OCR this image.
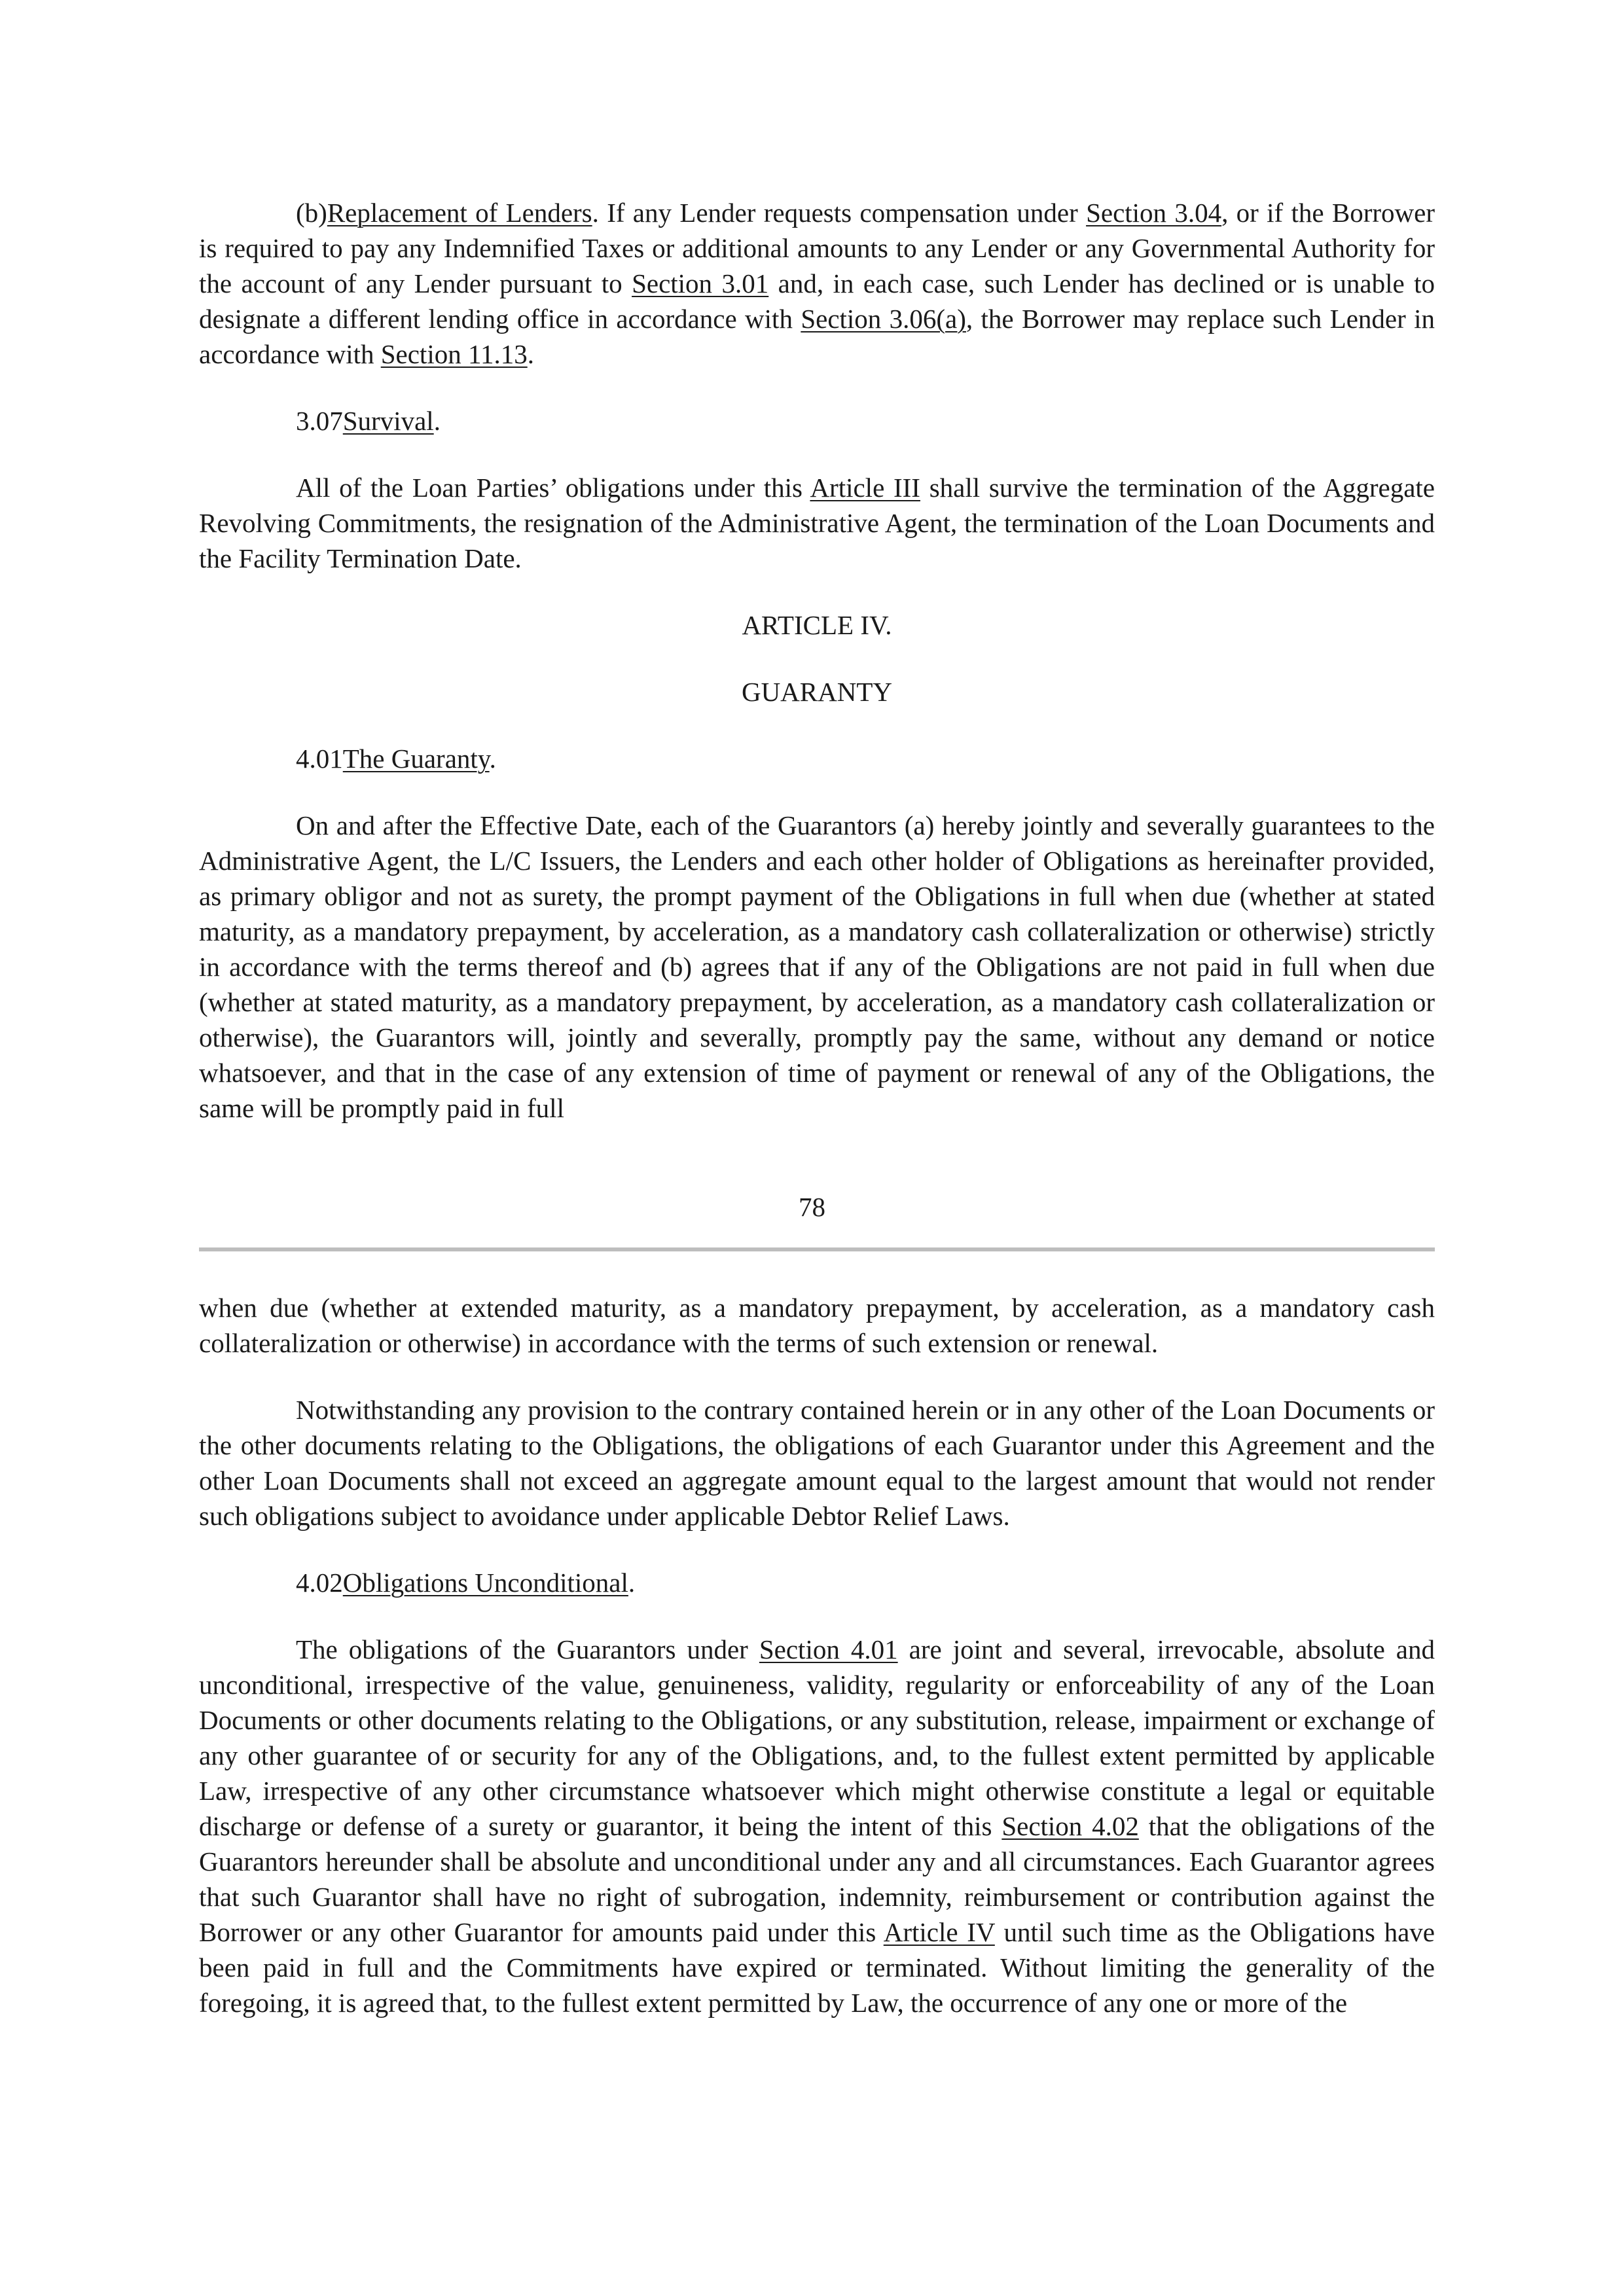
(b)Replacement of Lenders. If any Lender requests compensation under Section 3.04, or if the Borrower is required to pay any Indemnified Taxes or additional amounts to any Lender or any Governmental Authority for the account of any Lender pursuant to Section 3.01 and, in each case, such Lender has declined or is unable to designate a different lending office in accordance with Section 3.06(a), the Borrower may replace such Lender in accordance with Section 11.13.

3.07Survival.

All of the Loan Parties’ obligations under this Article III shall survive the termination of the Aggregate Revolving Commitments, the resignation of the Administrative Agent, the termination of the Loan Documents and the Facility Termination Date.

ARTICLE IV.

GUARANTY

4.01The Guaranty.

On and after the Effective Date, each of the Guarantors (a) hereby jointly and severally guarantees to the Administrative Agent, the L/C Issuers, the Lenders and each other holder of Obligations as hereinafter provided, as primary obligor and not as surety, the prompt payment of the Obligations in full when due (whether at stated maturity, as a mandatory prepayment, by acceleration, as a mandatory cash collateralization or otherwise) strictly in accordance with the terms thereof and (b) agrees that if any of the Obligations are not paid in full when due (whether at stated maturity, as a mandatory prepayment, by acceleration, as a mandatory cash collateralization or otherwise), the Guarantors will, jointly and severally, promptly pay the same, without any demand or notice whatsoever, and that in the case of any extension of time of payment or renewal of any of the Obligations, the same will be promptly paid in full

78

when due (whether at extended maturity, as a mandatory prepayment, by acceleration, as a mandatory cash collateralization or otherwise) in accordance with the terms of such extension or renewal.

Notwithstanding any provision to the contrary contained herein or in any other of the Loan Documents or the other documents relating to the Obligations, the obligations of each Guarantor under this Agreement and the other Loan Documents shall not exceed an aggregate amount equal to the largest amount that would not render such obligations subject to avoidance under applicable Debtor Relief Laws.

4.02Obligations Unconditional.

The obligations of the Guarantors under Section 4.01 are joint and several, irrevocable, absolute and unconditional, irrespective of the value, genuineness, validity, regularity or enforceability of any of the Loan Documents or other documents relating to the Obligations, or any substitution, release, impairment or exchange of any other guarantee of or security for any of the Obligations, and, to the fullest extent permitted by applicable Law, irrespective of any other circumstance whatsoever which might otherwise constitute a legal or equitable discharge or defense of a surety or guarantor, it being the intent of this Section 4.02 that the obligations of the Guarantors hereunder shall be absolute and unconditional under any and all circumstances. Each Guarantor agrees that such Guarantor shall have no right of subrogation, indemnity, reimbursement or contribution against the Borrower or any other Guarantor for amounts paid under this Article IV until such time as the Obligations have been paid in full and the Commitments have expired or terminated. Without limiting the generality of the foregoing, it is agreed that, to the fullest extent permitted by Law, the occurrence of any one or more of the
